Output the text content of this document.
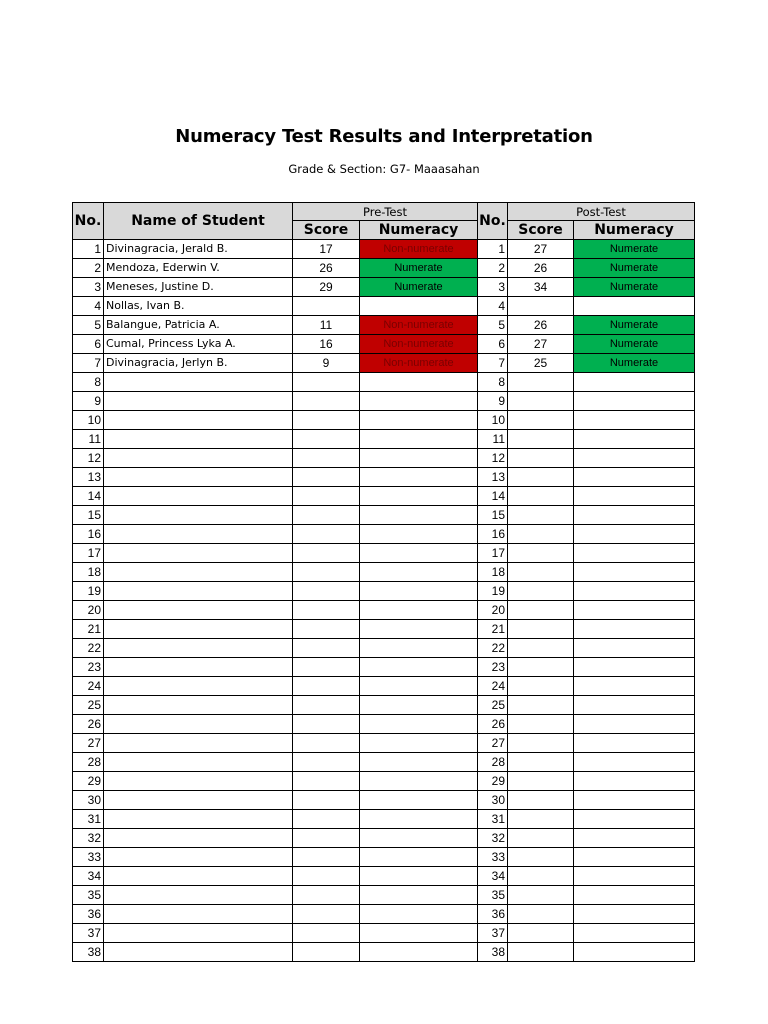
Numeracy Test Results and Interpretation
Grade & Section: G7- Maaasahan
No.	Name of Student	Pre-Test		No.	Post-Test	
		Score	Numeracy		Score	Numeracy
1	Divinagracia, Jerald B.	17	Non-numerate	1	27	Numerate
2	Mendoza, Ederwin V.	26	Numerate	2	26	Numerate
3	Meneses, Justine D.	29	Numerate	3	34	Numerate
4	Nollas, Ivan B.			4		
5	Balangue, Patricia A.	11	Non-numerate	5	26	Numerate
6	Cumal, Princess Lyka A.	16	Non-numerate	6	27	Numerate
7	Divinagracia, Jerlyn B.	9	Non-numerate	7	25	Numerate
8				8		
9				9		
10				10		
11				11		
12				12		
13				13		
14				14		
15				15		
16				16		
17				17		
18				18		
19				19		
20				20		
21				21		
22				22		
23				23		
24				24		
25				25		
26				26		
27				27		
28				28		
29				29		
30				30		
31				31		
32				32		
33				33		
34				34		
35				35		
36				36		
37				37		
38				38		
